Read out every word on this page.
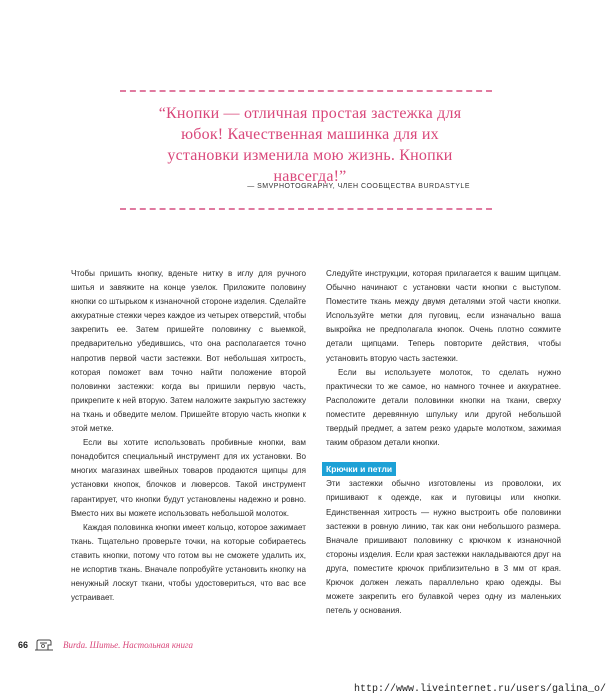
“Кнопки — отличная простая застежка для юбок! Качественная машинка для их установки изменила мою жизнь. Кнопки навсегда!”

— SMVPHOTOGRAPHY, ЧЛЕН СООБЩЕСТВА BURDASTYLE

Чтобы пришить кнопку, вденьте нитку в иглу для ручного шитья и завяжите на конце узелок. Приложите половину кнопки со штырьком к изнаночной стороне изделия. Сделайте аккуратные стежки через каждое из четырех отверстий, чтобы закрепить ее. Затем пришейте половинку с выемкой, предварительно убедившись, что она располагается точно напротив первой части застежки. Вот небольшая хитрость, которая поможет вам точно найти положение второй половинки застежки: когда вы пришили первую часть, прикрепите к ней вторую. Затем наложите закрытую застежку на ткань и обведите мелом. Пришейте вторую часть кнопки к этой метке.

Если вы хотите использовать пробивные кнопки, вам понадобится специальный инструмент для их установки. Во многих магазинах швейных товаров продаются щипцы для установки кнопок, блочков и люверсов. Такой инструмент гарантирует, что кнопки будут установлены надежно и ровно. Вместо них вы можете использовать небольшой молоток.

Каждая половинка кнопки имеет кольцо, которое зажимает ткань. Тщательно проверьте точки, на которые собираетесь ставить кнопки, потому что готом вы не сможете удалить их, не испортив ткань. Вначале попробуйте установить кнопку на ненужный лоскут ткани, чтобы удостовериться, что вас все устраивает.

Следуйте инструкции, которая прилагается к вашим щипцам. Обычно начинают с установки части кнопки с выступом. Поместите ткань между двумя деталями этой части кнопки. Используйте метки для пуговиц, если изначально ваша выкройка не предполагала кнопок. Очень плотно сожмите детали щипцами. Теперь повторите действия, чтобы установить вторую часть застежки.

Если вы используете молоток, то сделать нужно практически то же самое, но намного точнее и аккуратнее. Расположите детали половинки кнопки на ткани, сверху поместите деревянную шпульку или другой небольшой твердый предмет, а затем резко ударьте молотком, зажимая таким образом детали кнопки.

Крючки и петли

Эти застежки обычно изготовлены из проволоки, их пришивают к одежде, как и пуговицы или кнопки. Единственная хитрость — нужно выстроить обе половинки застежки в ровную линию, так как они небольшого размера. Вначале пришивают половинку с крючком к изнаночной стороны изделия. Если края застежки накладываются друг на друга, поместите крючок приблизительно в 3 мм от края. Крючок должен лежать параллельно краю одежды. Вы можете закрепить его булавкой через одну из маленьких петель у основания.

66	Burda. Шитье. Настольная книга
http://www.liveinternet.ru/users/galina_o/
